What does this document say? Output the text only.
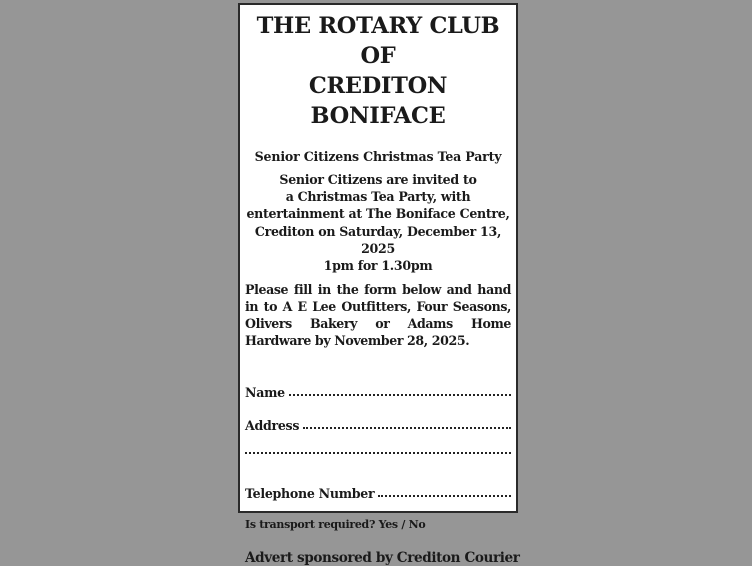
THE ROTARY CLUB OF
CREDITON BONIFACE
Senior Citizens Christmas Tea Party
Senior Citizens are invited to
a Christmas Tea Party, with
entertainment at The Boniface Centre,
Crediton on Saturday, December 13, 2025
1pm for 1.30pm
Please fill in the form below and hand in to A E Lee Outfitters, Four Seasons, Olivers Bakery or Adams Home Hardware by November 28, 2025.
Name
Address
Telephone Number
Is transport required? Yes / No
Advert sponsored by Crediton Courier
